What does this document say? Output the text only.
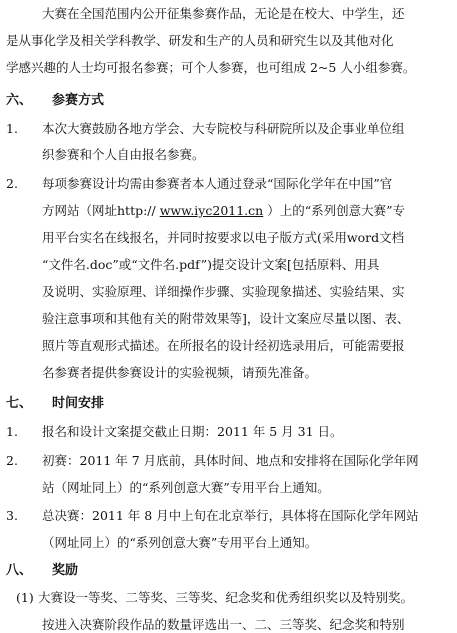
大赛在全国范围内公开征集参赛作品，无论是在校大、中学生，还
是从事化学及相关学科教学、研发和生产的人员和研究生以及其他对化
学感兴趣的人士均可报名参赛；可个人参赛，也可组成 2~5 人小组参赛。
六、 参赛方式
1. 本次大赛鼓励各地方学会、大专院校与科研院所以及企事业单位组
织参赛和个人自由报名参赛。
2. 每项参赛设计均需由参赛者本人通过登录“国际化学年在中国”官
方网站（网址http:// www.iyc2011.cn ）上的“系列创意大赛”专
用平台实名在线报名，并同时按要求以电子版方式(采用word文档
“文件名.doc”或“文件名.pdf”)提交设计文案[包括原料、用具
及说明、实验原理、详细操作步骤、实验现象描述、实验结果、实
验注意事项和其他有关的附带效果等]，设计文案应尽量以图、表、
照片等直观形式描述。在所报名的设计经初选录用后，可能需要报
名参赛者提供参赛设计的实验视频，请预先准备。
七、 时间安排
1. 报名和设计文案提交截止日期：2011 年 5 月 31 日。
2. 初赛：2011 年 7 月底前，具体时间、地点和安排将在国际化学年网
站（网址同上）的“系列创意大赛”专用平台上通知。
3. 总决赛：2011 年 8 月中上旬在北京举行，具体将在国际化学年网站
（网址同上）的“系列创意大赛”专用平台上通知。
八、 奖励
(1) 大赛设一等奖、二等奖、三等奖、纪念奖和优秀组织奖以及特别奖。
按进入决赛阶段作品的数量评选出一、二、三等奖、纪念奖和特别
